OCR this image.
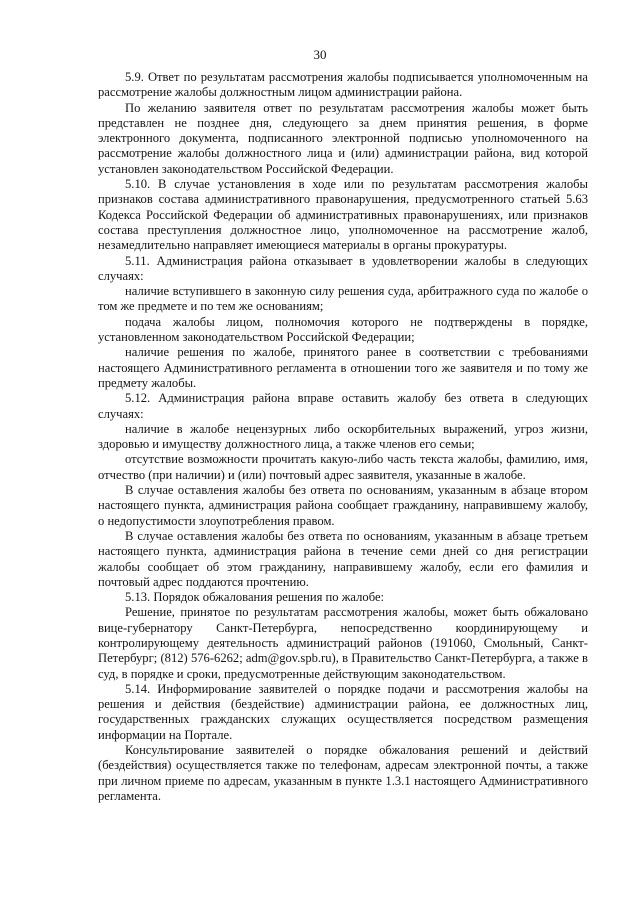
30

5.9. Ответ по результатам рассмотрения жалобы подписывается уполномоченным на рассмотрение жалобы должностным лицом администрации района.

По желанию заявителя ответ по результатам рассмотрения жалобы может быть представлен не позднее дня, следующего за днем принятия решения, в форме электронного документа, подписанного электронной подписью уполномоченного на рассмотрение жалобы должностного лица и (или) администрации района, вид которой установлен законодательством Российской Федерации.

5.10. В случае установления в ходе или по результатам рассмотрения жалобы признаков состава административного правонарушения, предусмотренного статьей 5.63 Кодекса Российской Федерации об административных правонарушениях, или признаков состава преступления должностное лицо, уполномоченное на рассмотрение жалоб, незамедлительно направляет имеющиеся материалы в органы прокуратуры.

5.11. Администрация района отказывает в удовлетворении жалобы в следующих случаях:

наличие вступившего в законную силу решения суда, арбитражного суда по жалобе о том же предмете и по тем же основаниям;

подача жалобы лицом, полномочия которого не подтверждены в порядке, установленном законодательством Российской Федерации;

наличие решения по жалобе, принятого ранее в соответствии с требованиями настоящего Административного регламента в отношении того же заявителя и по тому же предмету жалобы.

5.12. Администрация района вправе оставить жалобу без ответа в следующих случаях:

наличие в жалобе нецензурных либо оскорбительных выражений, угроз жизни, здоровью и имуществу должностного лица, а также членов его семьи;

отсутствие возможности прочитать какую-либо часть текста жалобы, фамилию, имя, отчество (при наличии) и (или) почтовый адрес заявителя, указанные в жалобе.

В случае оставления жалобы без ответа по основаниям, указанным в абзаце втором настоящего пункта, администрация района сообщает гражданину, направившему жалобу, о недопустимости злоупотребления правом.

В случае оставления жалобы без ответа по основаниям, указанным в абзаце третьем настоящего пункта, администрация района в течение семи дней со дня регистрации жалобы сообщает об этом гражданину, направившему жалобу, если его фамилия и почтовый адрес поддаются прочтению.

5.13. Порядок обжалования решения по жалобе:

Решение, принятое по результатам рассмотрения жалобы, может быть обжаловано вице-губернатору Санкт-Петербурга, непосредственно координирующему и контролирующему деятельность администраций районов (191060, Смольный, Санкт-Петербург; (812) 576-6262; adm@gov.spb.ru), в Правительство Санкт-Петербурга, а также в суд, в порядке и сроки, предусмотренные действующим законодательством.

5.14. Информирование заявителей о порядке подачи и рассмотрения жалобы на решения и действия (бездействие) администрации района, ее должностных лиц, государственных гражданских служащих осуществляется посредством размещения информации на Портале.

Консультирование заявителей о порядке обжалования решений и действий (бездействия) осуществляется также по телефонам, адресам электронной почты, а также при личном приеме по адресам, указанным в пункте 1.3.1 настоящего Административного регламента.
